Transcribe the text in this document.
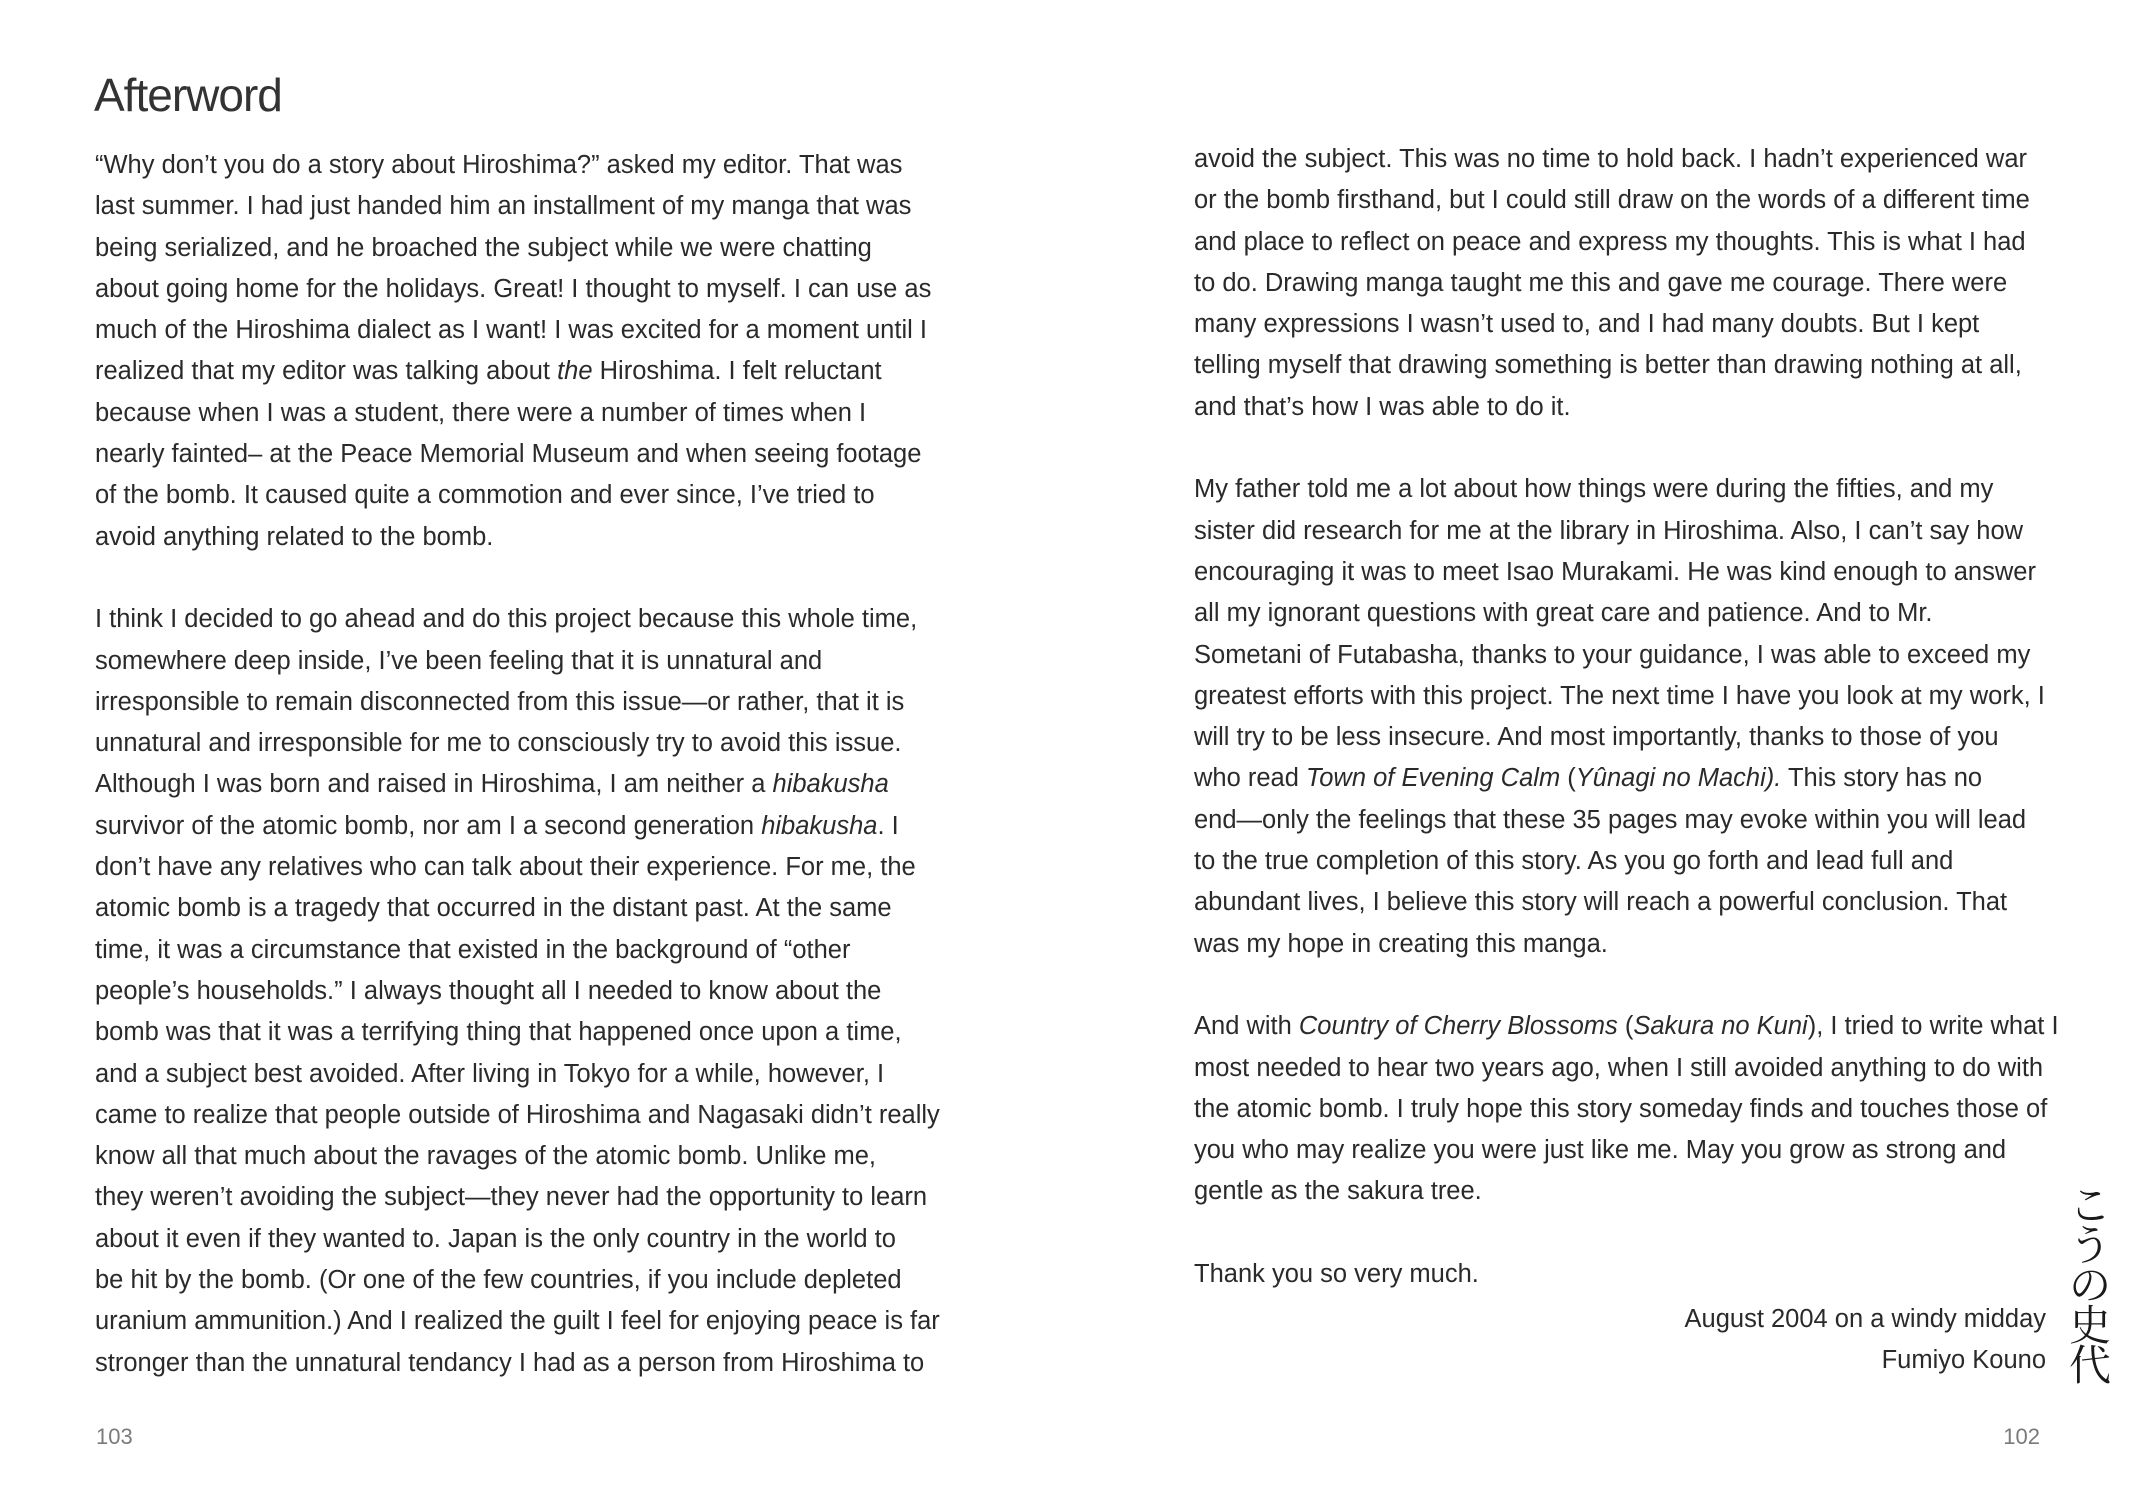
Afterword

“Why don’t you do a story about Hiroshima?” asked my editor. That was
last summer. I had just handed him an installment of my manga that was
being serialized, and he broached the subject while we were chatting
about going home for the holidays. Great! I thought to myself. I can use as
much of the Hiroshima dialect as I want! I was excited for a moment until I
realized that my editor was talking about the Hiroshima. I felt reluctant
because when I was a student, there were a number of times when I
nearly fainted– at the Peace Memorial Museum and when seeing footage
of the bomb. It caused quite a commotion and ever since, I’ve tried to
avoid anything related to the bomb.

I think I decided to go ahead and do this project because this whole time,
somewhere deep inside, I’ve been feeling that it is unnatural and
irresponsible to remain disconnected from this issue—or rather, that it is
unnatural and irresponsible for me to consciously try to avoid this issue.
Although I was born and raised in Hiroshima, I am neither a hibakusha
survivor of the atomic bomb, nor am I a second generation hibakusha. I
don’t have any relatives who can talk about their experience. For me, the
atomic bomb is a tragedy that occurred in the distant past. At the same
time, it was a circumstance that existed in the background of “other
people’s households.” I always thought all I needed to know about the
bomb was that it was a terrifying thing that happened once upon a time,
and a subject best avoided. After living in Tokyo for a while, however, I
came to realize that people outside of Hiroshima and Nagasaki didn’t really
know all that much about the ravages of the atomic bomb. Unlike me,
they weren’t avoiding the subject—they never had the opportunity to learn
about it even if they wanted to. Japan is the only country in the world to
be hit by the bomb. (Or one of the few countries, if you include depleted
uranium ammunition.) And I realized the guilt I feel for enjoying peace is far
stronger than the unnatural tendancy I had as a person from Hiroshima to

103

avoid the subject. This was no time to hold back. I hadn’t experienced war
or the bomb firsthand, but I could still draw on the words of a different time
and place to reflect on peace and express my thoughts. This is what I had
to do. Drawing manga taught me this and gave me courage. There were
many expressions I wasn’t used to, and I had many doubts. But I kept
telling myself that drawing something is better than drawing nothing at all,
and that’s how I was able to do it.

My father told me a lot about how things were during the fifties, and my
sister did research for me at the library in Hiroshima. Also, I can’t say how
encouraging it was to meet Isao Murakami. He was kind enough to answer
all my ignorant questions with great care and patience. And to Mr.
Sometani of Futabasha, thanks to your guidance, I was able to exceed my
greatest efforts with this project. The next time I have you look at my work, I
will try to be less insecure. And most importantly, thanks to those of you
who read Town of Evening Calm (Yûnagi no Machi). This story has no
end—only the feelings that these 35 pages may evoke within you will lead
to the true completion of this story. As you go forth and lead full and
abundant lives, I believe this story will reach a powerful conclusion. That
was my hope in creating this manga.

And with Country of Cherry Blossoms (Sakura no Kuni), I tried to write what I
most needed to hear two years ago, when I still avoided anything to do with
the atomic bomb. I truly hope this story someday finds and touches those of
you who may realize you were just like me. May you grow as strong and
gentle as the sakura tree.

Thank you so very much.

August 2004 on a windy midday
Fumiyo Kouno
こ
う
の
史
代
102
